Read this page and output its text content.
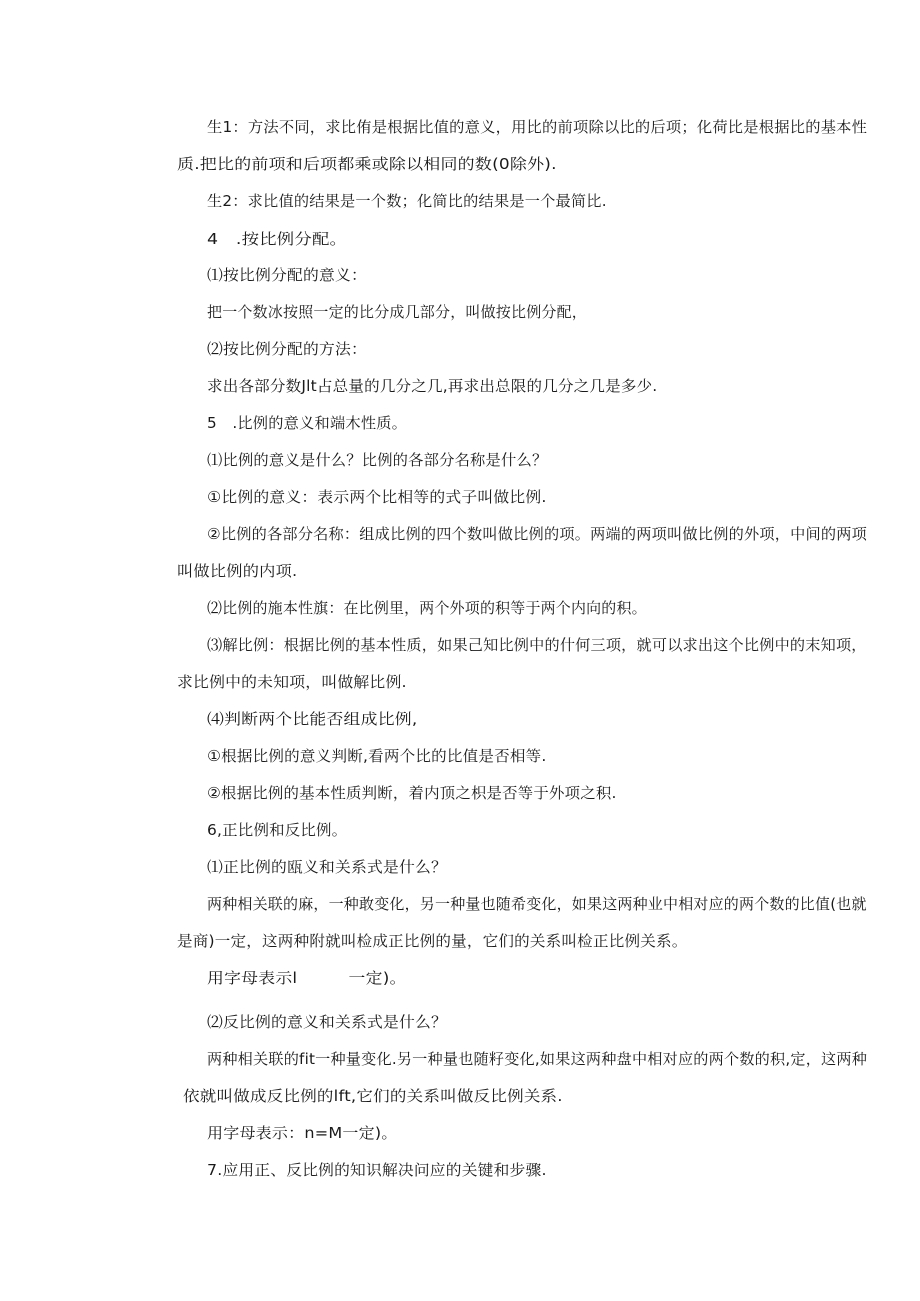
生1：方法不同，求比侑是根据比值的意义，用比的前项除以比的后项；化荷比是根据比的基本性
质.把比的前项和后项都乘或除以相同的数(0除外).
生2：求比值的结果是一个数；化简比的结果是一个最简比.
4　.按比例分配。
⑴按比例分配的意义：
把一个数冰按照一定的比分成几部分，叫做按比例分配，
⑵按比例分配的方法：
求出各部分数Jlt占总量的几分之几,再求出总限的几分之几是多少.
5　.比例的意义和端木性质。
⑴比例的意义是什么？比例的各部分名称是什么？
①比例的意义：表示两个比相等的式子叫做比例.
②比例的各部分名称：组成比例的四个数叫做比例的项。两端的两项叫做比例的外项，中间的两项
叫做比例的内项.
⑵比例的施本性旗：在比例里，两个外项的积等于两个内向的积。
⑶解比例：根据比例的基本性质，如果己知比例中的什何三项，就可以求出这个比例中的末知项，
求比例中的未知项，叫做解比例.
⑷判断两个比能否组成比例,
①根据比例的意义判断,看两个比的比值是否相等.
②根据比例的基本性质判断，着内顶之枳是否等于外项之积.
6,正比例和反比例。
⑴正比例的瓯义和关系式是什么？
两种相关联的麻，一种敢变化，另一种量也随希变化，如果这两种业中相对应的两个数的比值(也就
是商)一定，这两种附就叫检成正比例的量，它们的关系叫检正比例关系。
用字母表示l　　　一定)。
⑵反比例的意义和关系式是什么？
两种相关联的fit一种量变化.另一种量也随籽变化,如果这两种盘中相对应的两个数的积,定，这两种
依就叫做成反比例的lft,它们的关系叫做反比例关系.
用字母表示：n=M一定)。
7.应用正、反比例的知识解决问应的关键和步骤.
